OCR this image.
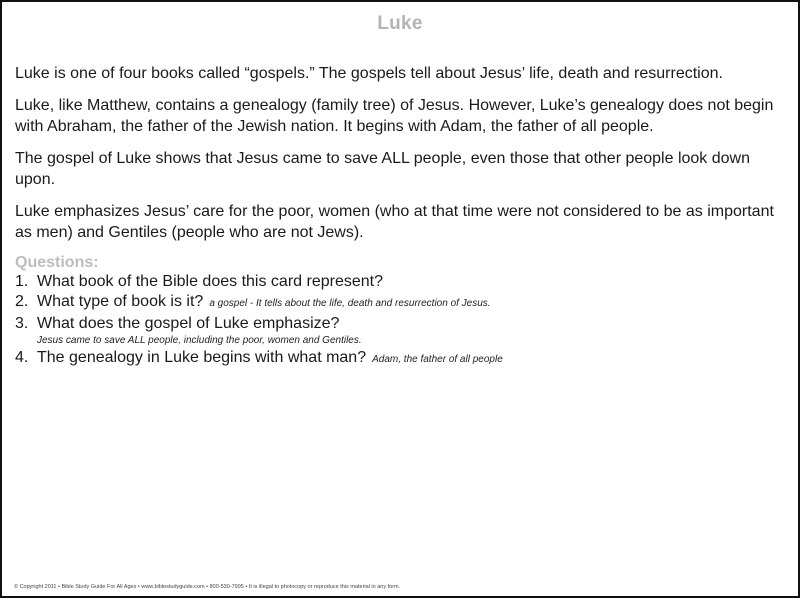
Luke

Luke is one of four books called “gospels.” The gospels tell about Jesus’ life, death and resurrection.

Luke, like Matthew, contains a genealogy (family tree) of Jesus. However, Luke’s genealogy does not begin with Abraham, the father of the Jewish nation. It begins with Adam, the father of all people.

The gospel of Luke shows that Jesus came to save ALL people, even those that other people look down upon.

Luke emphasizes Jesus’ care for the poor, women (who at that time were not considered to be as important as men) and Gentiles (people who are not Jews).

Questions:
1. What book of the Bible does this card represent?
2. What type of book is it? a gospel - It tells about the life, death and resurrection of Jesus.
3. What does the gospel of Luke emphasize?
Jesus came to save ALL people, including the poor, women and Gentiles.
4. The genealogy in Luke begins with what man? Adam, the father of all people
© Copyright 2011 • Bible Study Guide For All Ages • www.biblestudyguide.com • 800-530-7995 • It is illegal to photocopy or reproduce this material in any form.
